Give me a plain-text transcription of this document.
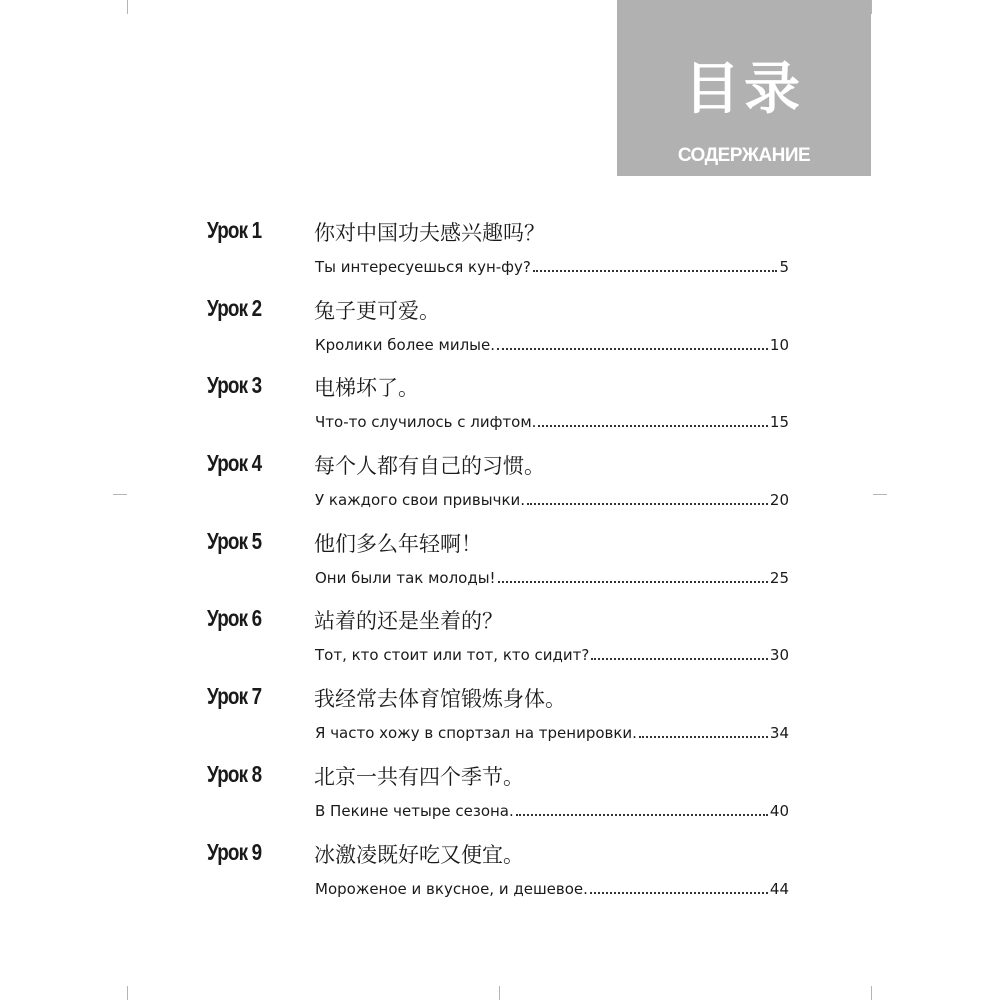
目录
СОДЕРЖАНИЕ
Урок 1	你对中国功夫感兴趣吗？
Ты интересуешься кун-фу?	5
Урок 2	兔子更可爱。
Кролики более милые.	10
Урок 3	电梯坏了。
Что-то случилось с лифтом.	15
Урок 4	每个人都有自己的习惯。
У каждого свои привычки.	20
Урок 5	他们多么年轻啊！
Они были так молоды!	25
Урок 6	站着的还是坐着的？
Тот, кто стоит или тот, кто сидит?	30
Урок 7	我经常去体育馆锻炼身体。
Я часто хожу в спортзал на тренировки.	34
Урок 8	北京一共有四个季节。
В Пекине четыре сезона.	40
Урок 9	冰激凌既好吃又便宜。
Мороженое и вкусное, и дешевое.	44
